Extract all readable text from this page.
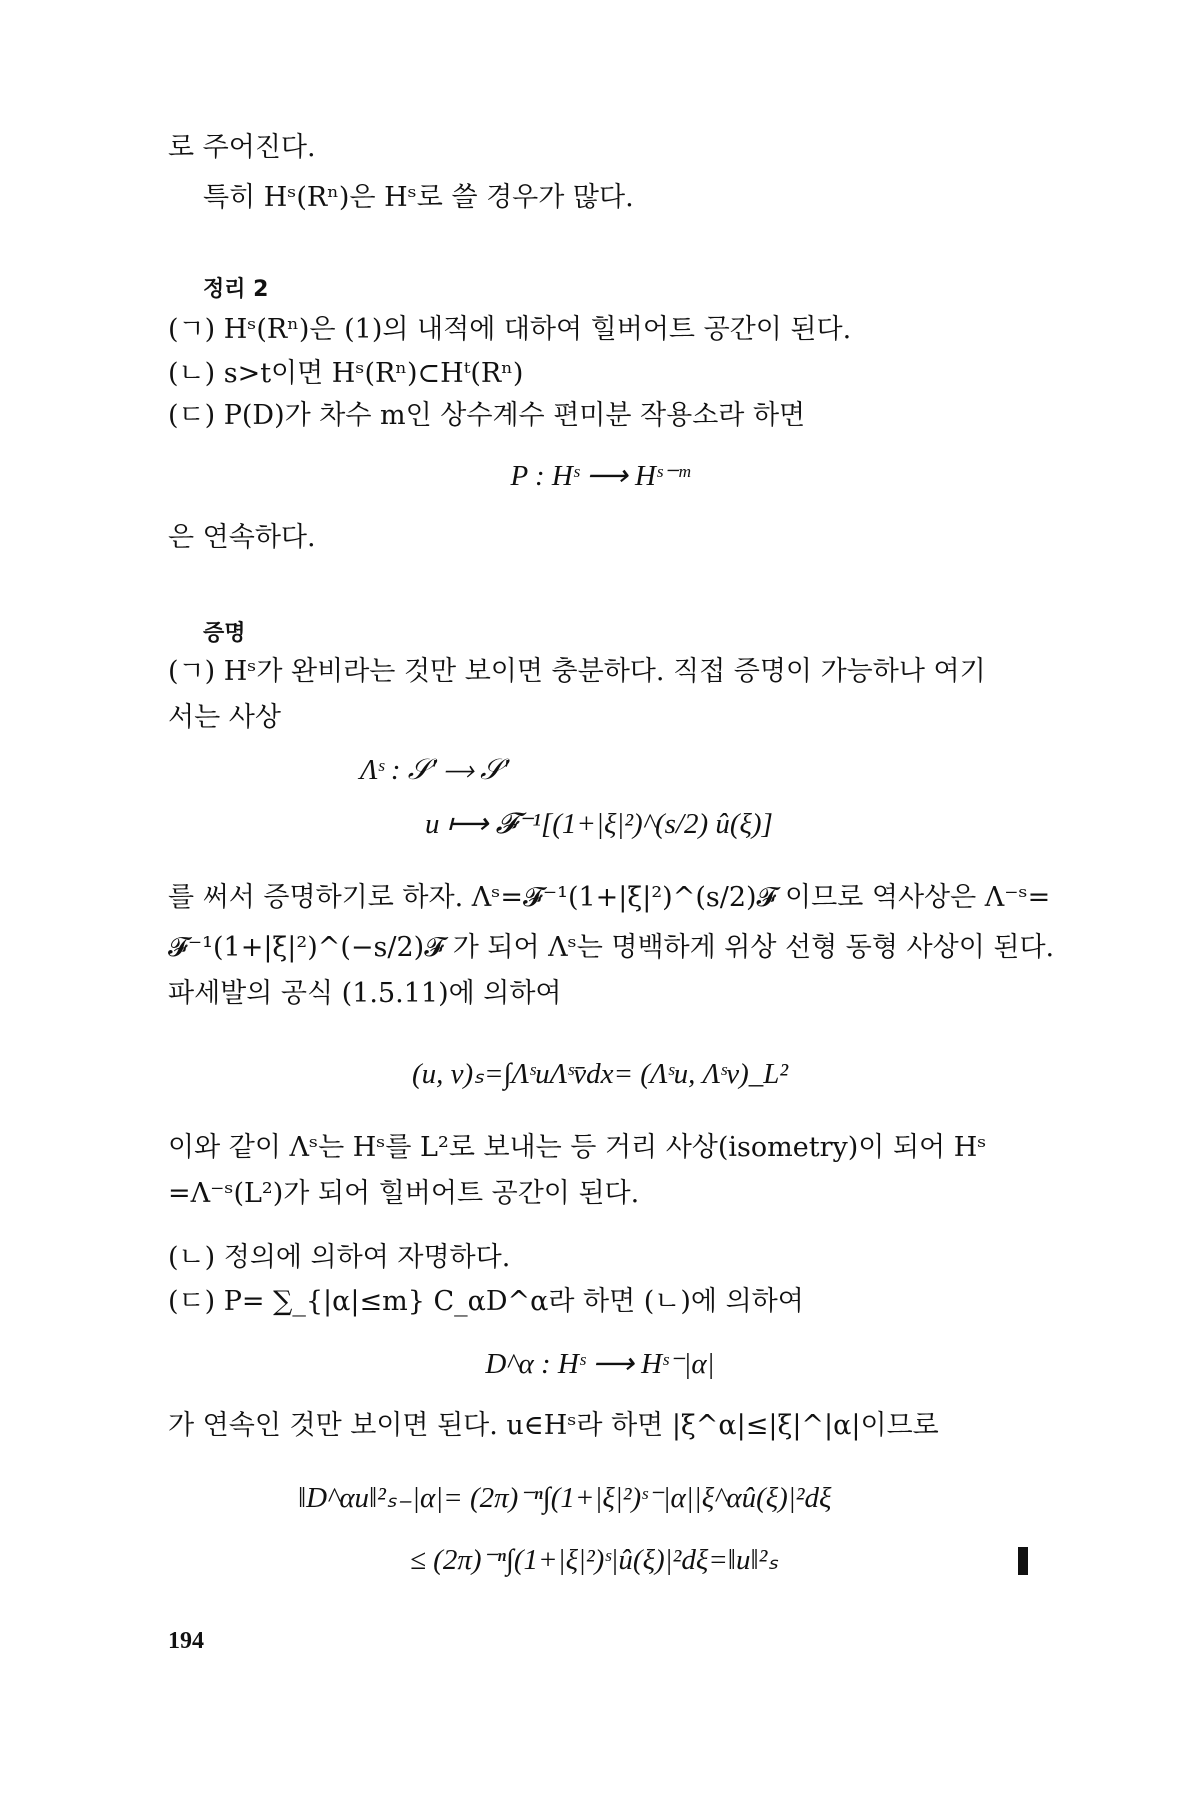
로 주어진다.
특히 Hˢ(Rⁿ)은 Hˢ로 쓸 경우가 많다.
정리 2
(ㄱ) Hˢ(Rⁿ)은 (1)의 내적에 대하여 힐버어트 공간이 된다.
(ㄴ) s>t이면 Hˢ(Rⁿ)⊂Hᵗ(Rⁿ)
(ㄷ) P(D)가 차수 m인 상수계수 편미분 작용소라 하면
P : Hˢ ⟶ Hˢ⁻ᵐ
은 연속하다.
증명
(ㄱ) Hˢ가 완비라는 것만 보이면 충분하다. 직접 증명이 가능하나 여기
서는 사상
Λˢ : 𝒮′ ⟶ 𝒮′
u ⟼ 𝓕⁻¹[(1+|ξ|²)^(s/2) û(ξ)]
를 써서 증명하기로 하자. Λˢ=𝓕⁻¹(1+|ξ|²)^(s/2)𝓕 이므로 역사상은 Λ⁻ˢ=
𝓕⁻¹(1+|ξ|²)^(−s/2)𝓕 가 되어 Λˢ는 명백하게 위상 선형 동형 사상이 된다.
파세발의 공식 (1.5.11)에 의하여
(u, v)ₛ=∫ΛˢuΛˢv̄dx= (Λˢu, Λˢv)_L²
이와 같이 Λˢ는 Hˢ를 L²로 보내는 등 거리 사상(isometry)이 되어 Hˢ
=Λ⁻ˢ(L²)가 되어 힐버어트 공간이 된다.
(ㄴ) 정의에 의하여 자명하다.
(ㄷ) P= ∑_{|α|≤m} C_αD^α라 하면 (ㄴ)에 의하여
D^α : Hˢ ⟶ Hˢ⁻|α|
가 연속인 것만 보이면 된다. u∈Hˢ라 하면 |ξ^α|≤|ξ|^|α|이므로
‖D^αu‖²ₛ₋|α|= (2π)⁻ⁿ∫(1+|ξ|²)ˢ⁻|α||ξ^αû(ξ)|²dξ
≤ (2π)⁻ⁿ∫(1+|ξ|²)ˢ|û(ξ)|²dξ=‖u‖²ₛ
194
